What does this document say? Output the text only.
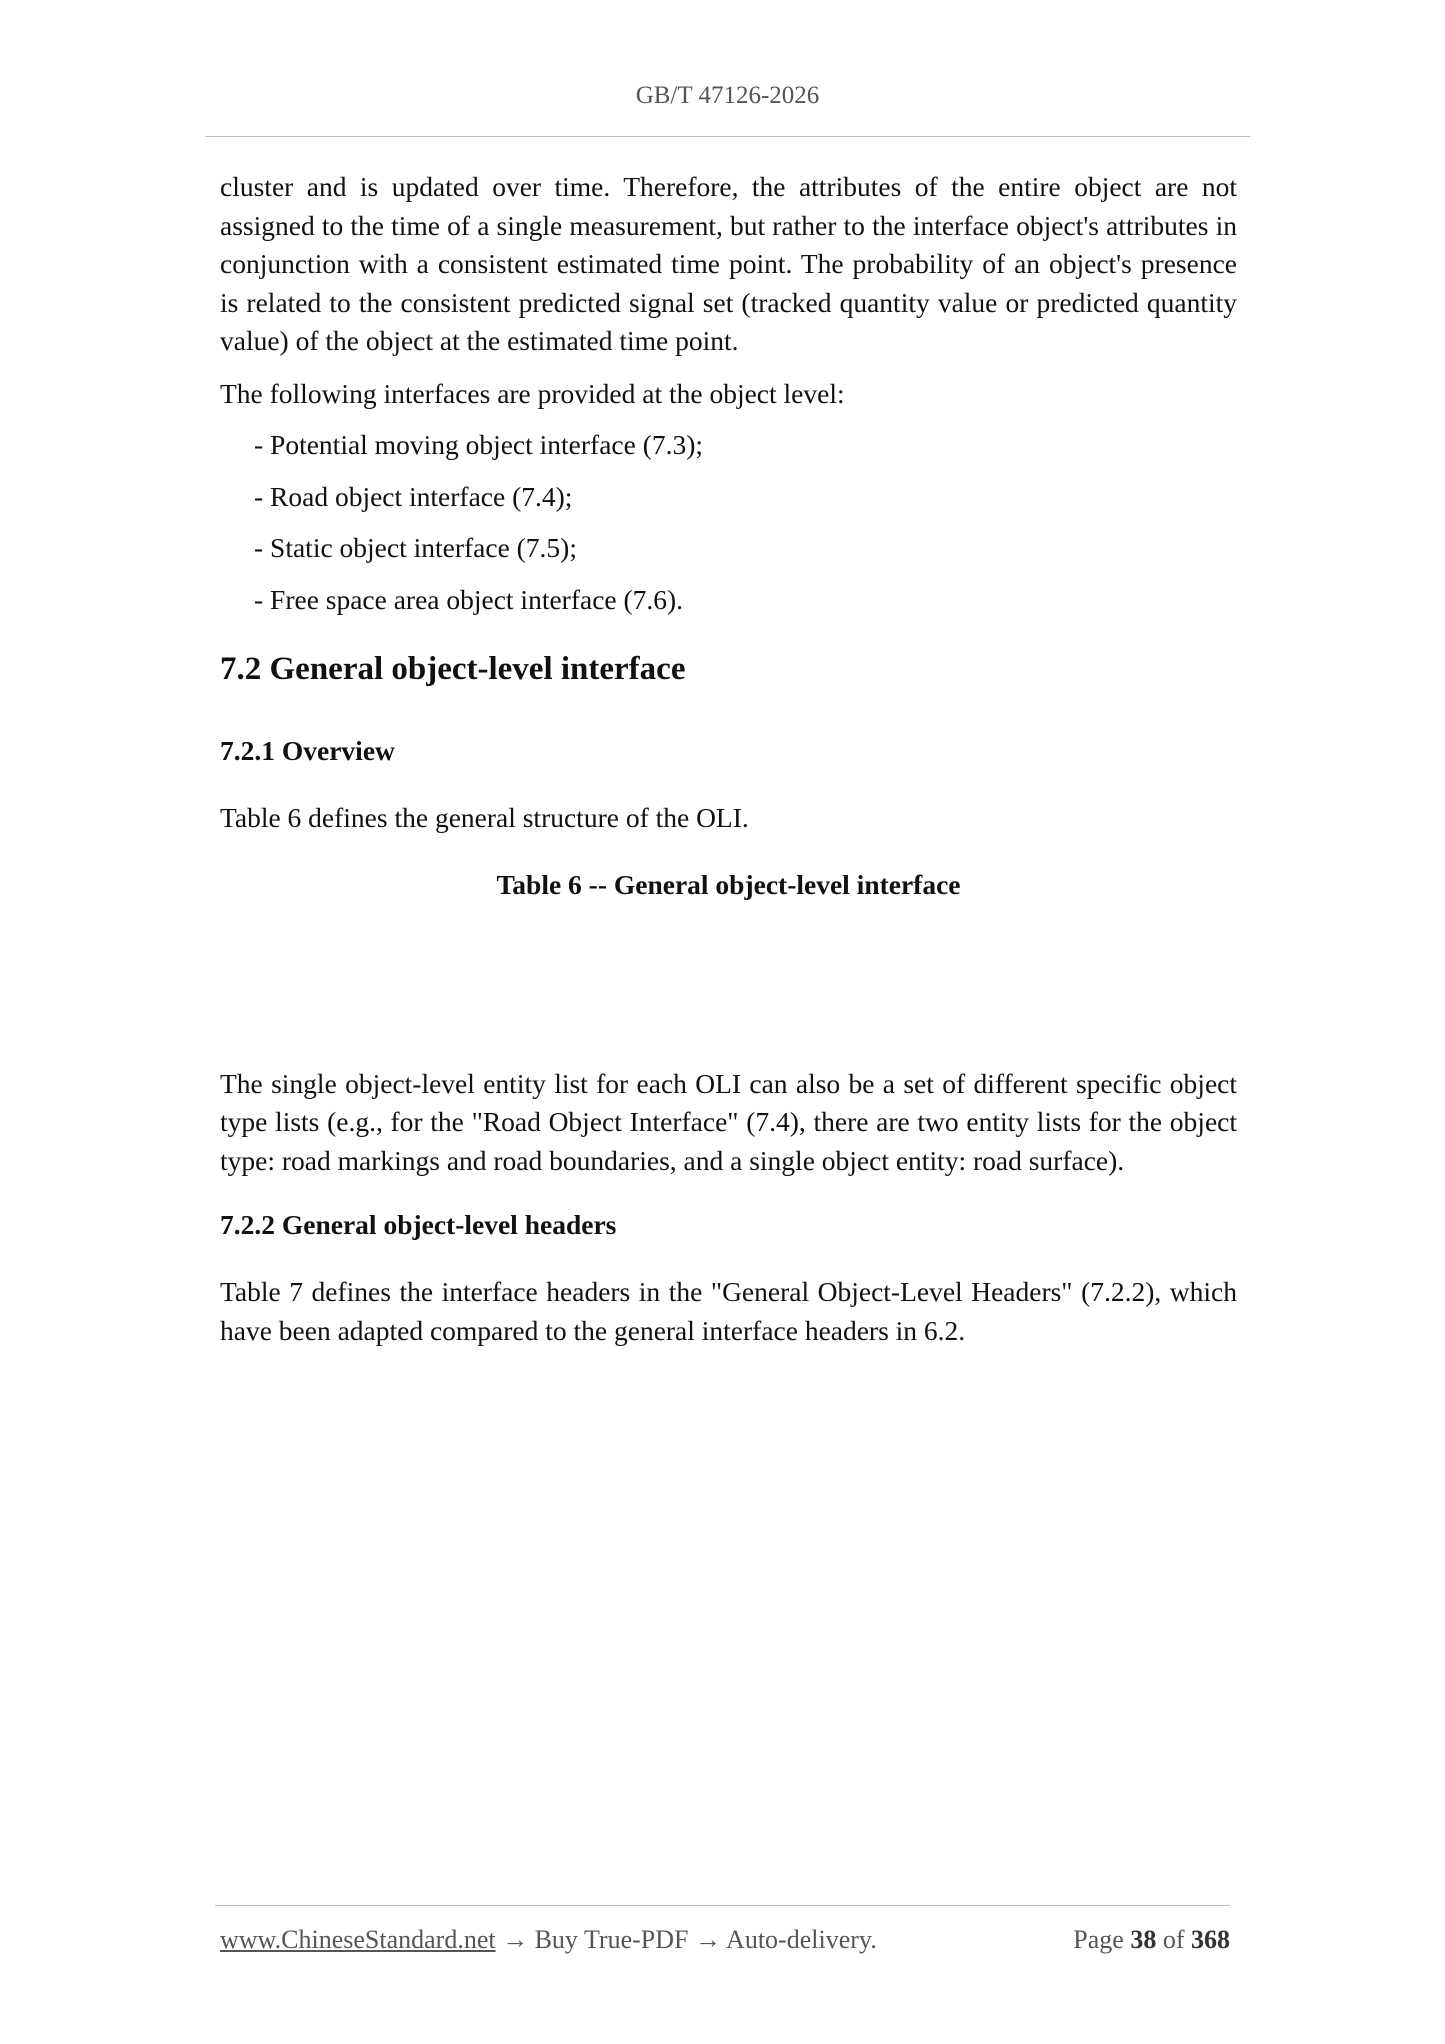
GB/T 47126-2026

cluster and is updated over time. Therefore, the attributes of the entire object are not assigned to the time of a single measurement, but rather to the interface object's attributes in conjunction with a consistent estimated time point. The probability of an object's presence is related to the consistent predicted signal set (tracked quantity value or predicted quantity value) of the object at the estimated time point.

The following interfaces are provided at the object level:

- Potential moving object interface (7.3);

- Road object interface (7.4);

- Static object interface (7.5);

- Free space area object interface (7.6).

7.2 General object-level interface
7.2.1 Overview

Table 6 defines the general structure of the OLI.

Table 6 -- General object-level interface

The single object-level entity list for each OLI can also be a set of different specific object type lists (e.g., for the "Road Object Interface" (7.4), there are two entity lists for the object type: road markings and road boundaries, and a single object entity: road surface).

7.2.2 General object-level headers

Table 7 defines the interface headers in the "General Object-Level Headers" (7.2.2), which have been adapted compared to the general interface headers in 6.2.

www.ChineseStandard.net → Buy True-PDF → Auto-delivery.	Page 38 of 368
